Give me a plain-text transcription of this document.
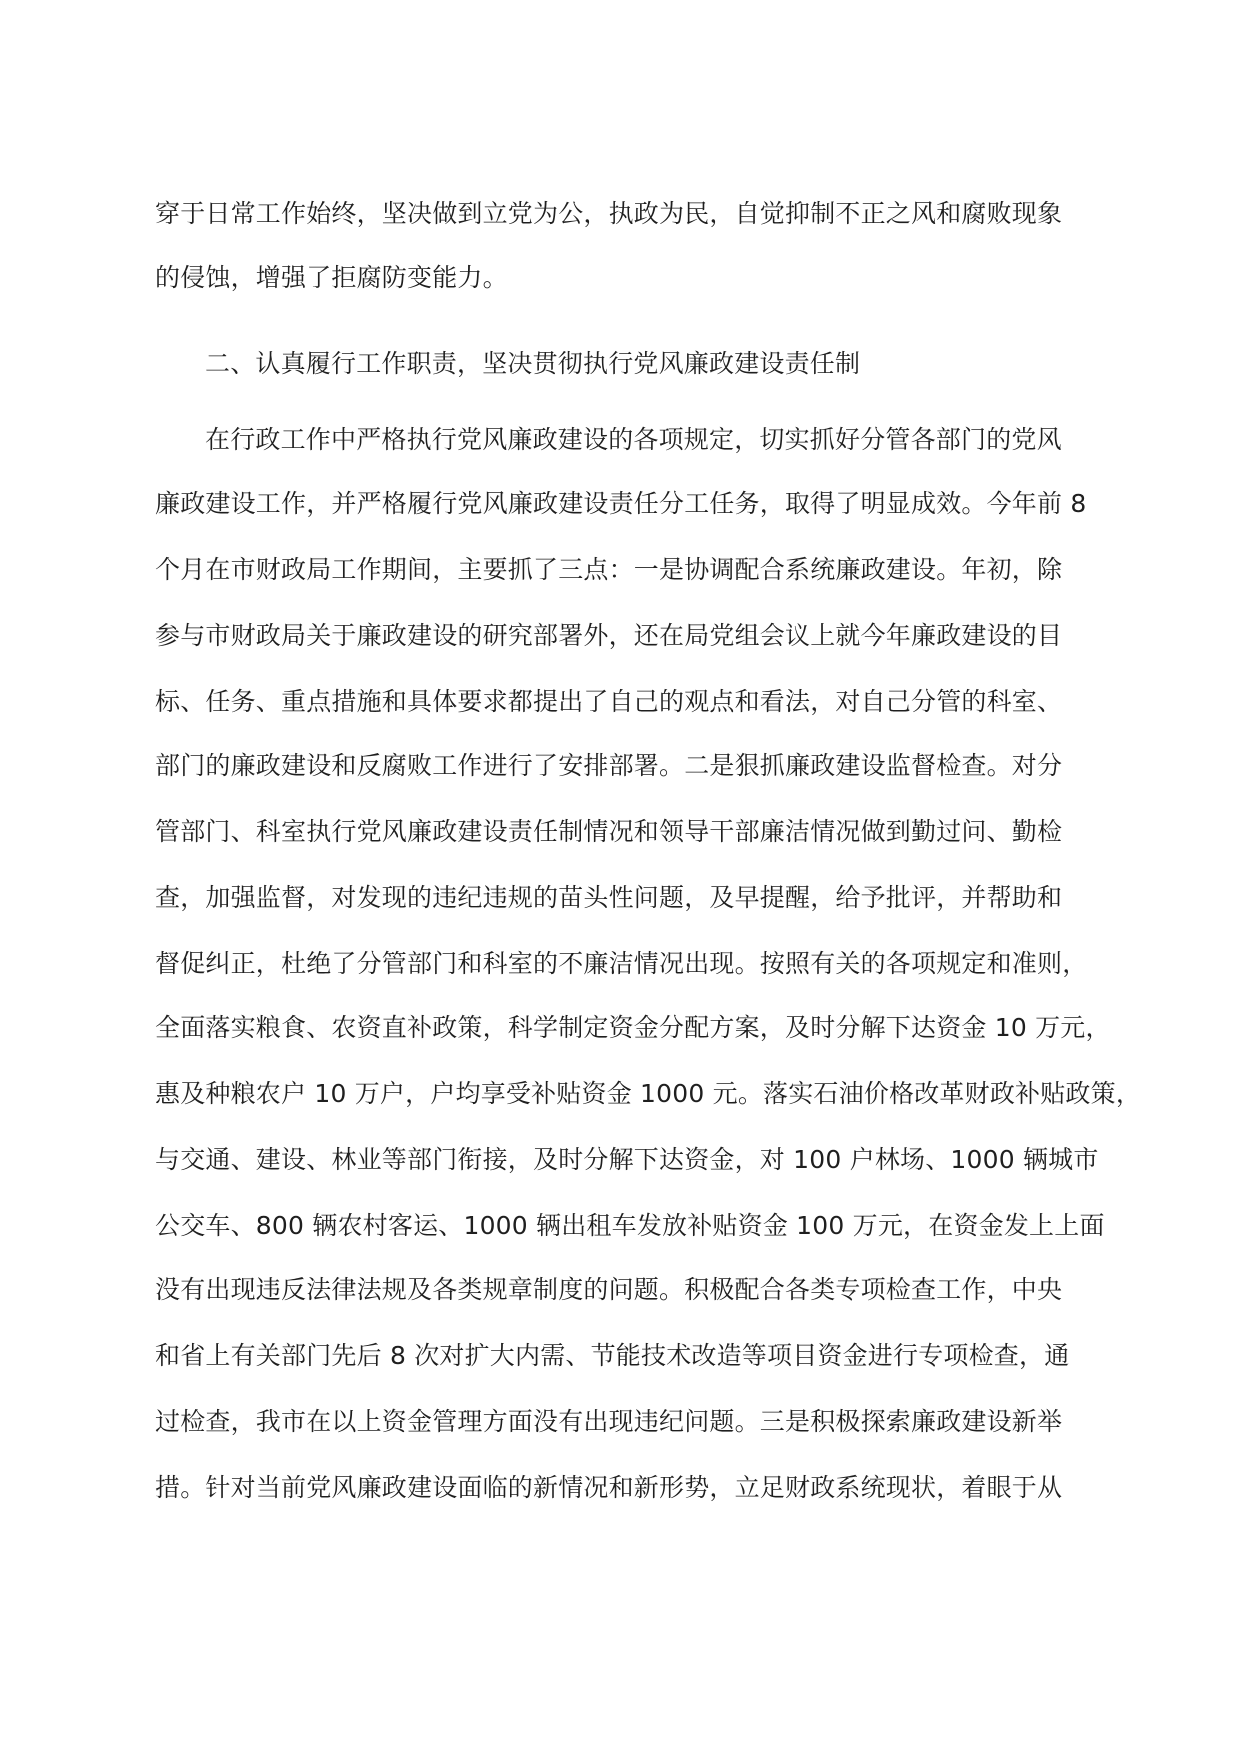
穿于日常工作始终，坚决做到立党为公，执政为民，自觉抑制不正之风和腐败现象
的侵蚀，增强了拒腐防变能力。
二、认真履行工作职责，坚决贯彻执行党风廉政建设责任制
在行政工作中严格执行党风廉政建设的各项规定，切实抓好分管各部门的党风
廉政建设工作，并严格履行党风廉政建设责任分工任务，取得了明显成效。今年前 8
个月在市财政局工作期间，主要抓了三点：一是协调配合系统廉政建设。年初，除
参与市财政局关于廉政建设的研究部署外，还在局党组会议上就今年廉政建设的目
标、任务、重点措施和具体要求都提出了自己的观点和看法，对自己分管的科室、
部门的廉政建设和反腐败工作进行了安排部署。二是狠抓廉政建设监督检查。对分
管部门、科室执行党风廉政建设责任制情况和领导干部廉洁情况做到勤过问、勤检
查，加强监督，对发现的违纪违规的苗头性问题，及早提醒，给予批评，并帮助和
督促纠正，杜绝了分管部门和科室的不廉洁情况出现。按照有关的各项规定和准则，
全面落实粮食、农资直补政策，科学制定资金分配方案，及时分解下达资金 10 万元，
惠及种粮农户 10 万户，户均享受补贴资金 1000 元。落实石油价格改革财政补贴政策，
与交通、建设、林业等部门衔接，及时分解下达资金，对 100 户林场、1000 辆城市
公交车、800 辆农村客运、1000 辆出租车发放补贴资金 100 万元，在资金发上上面
没有出现违反法律法规及各类规章制度的问题。积极配合各类专项检查工作，中央
和省上有关部门先后 8 次对扩大内需、节能技术改造等项目资金进行专项检查，通
过检查，我市在以上资金管理方面没有出现违纪问题。三是积极探索廉政建设新举
措。针对当前党风廉政建设面临的新情况和新形势，立足财政系统现状，着眼于从
